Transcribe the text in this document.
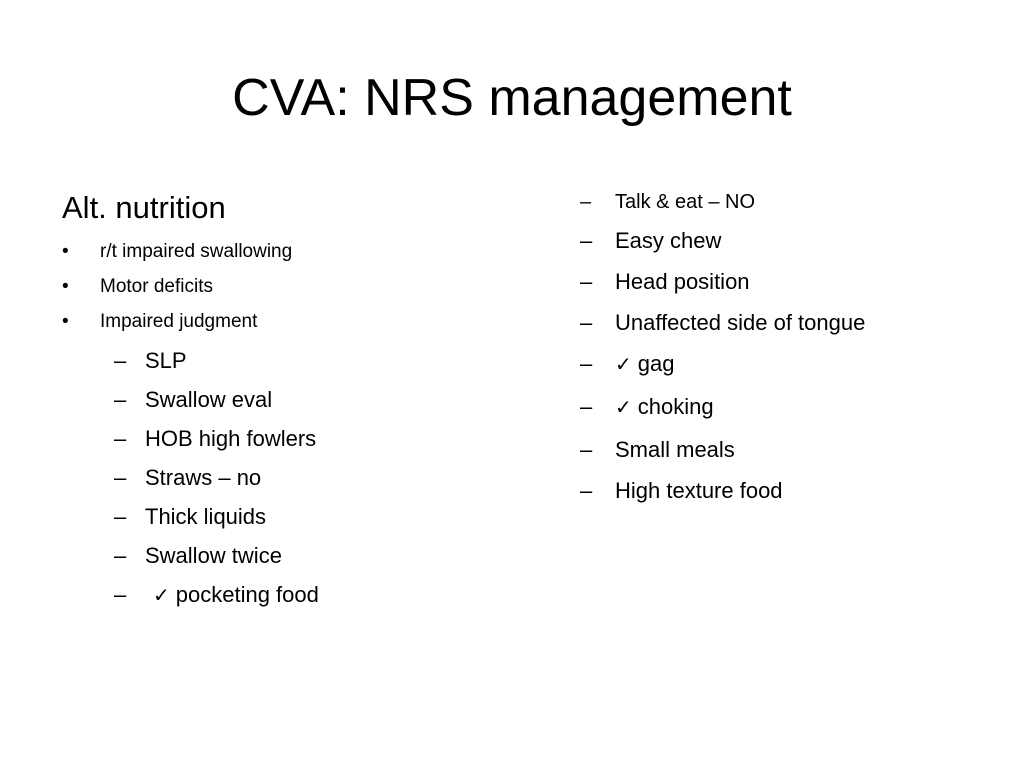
CVA: NRS management
Alt. nutrition
• r/t impaired swallowing
• Motor deficits
• Impaired judgment
– SLP
– Swallow eval
– HOB high fowlers
– Straws – no
– Thick liquids
– Swallow twice
– ✓ pocketing food
– Talk & eat – NO
– Easy chew
– Head position
– Unaffected side of tongue
– ✓ gag
– ✓ choking
– Small meals
– High texture food
